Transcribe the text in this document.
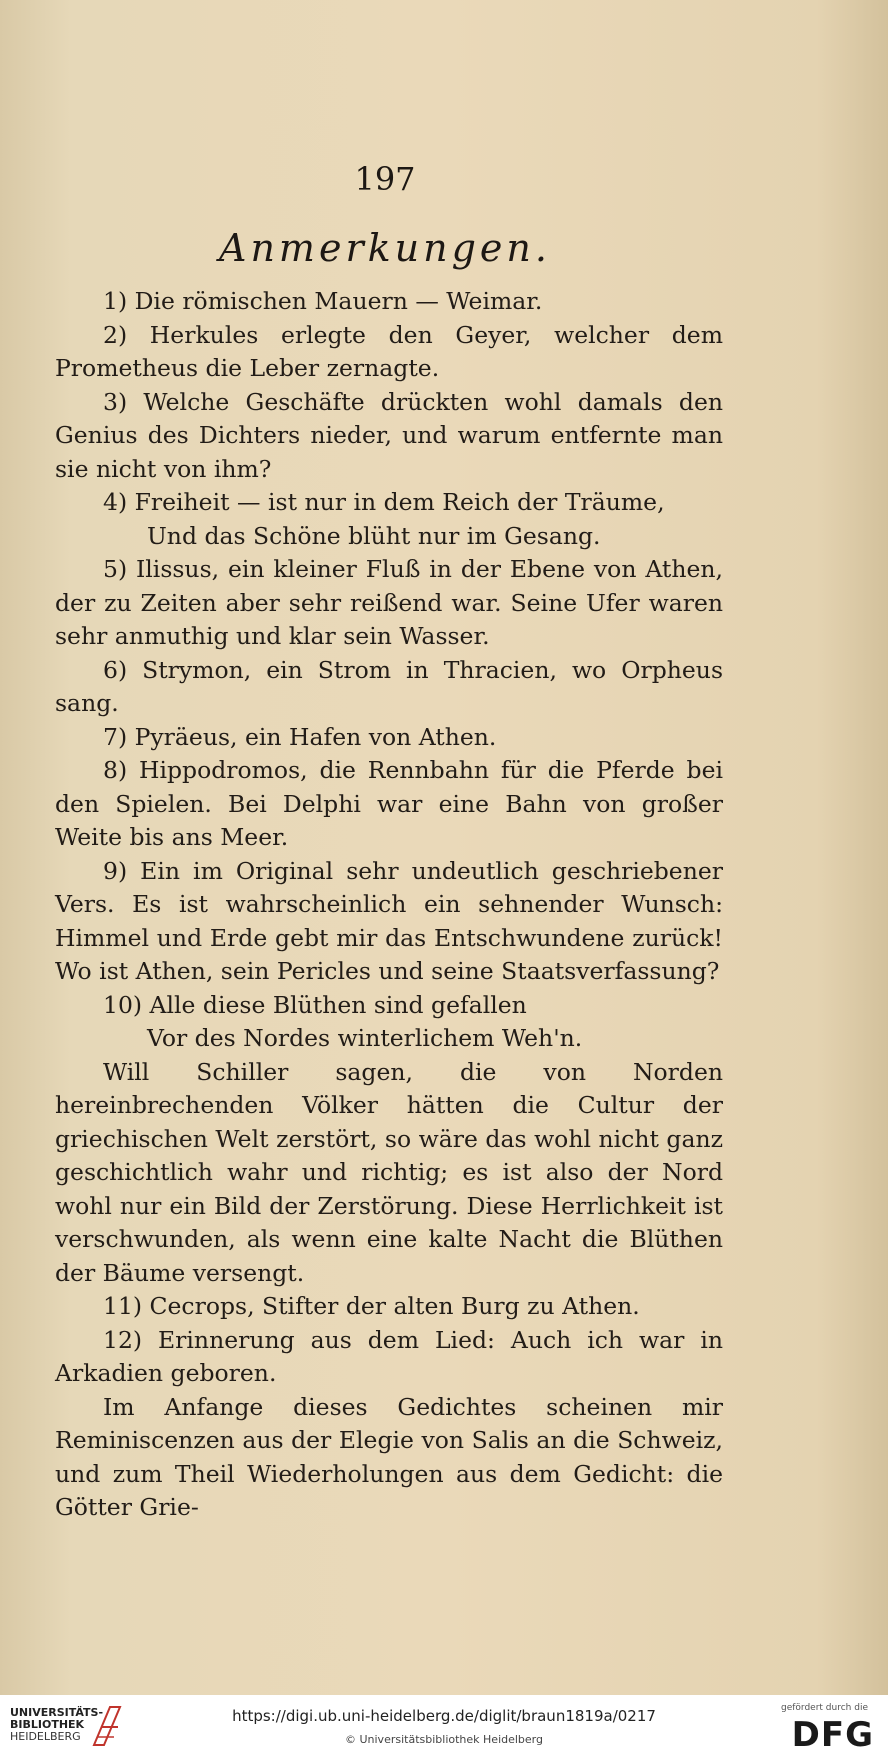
197
Anmerkungen.

1) Die römischen Mauern — Weimar.

2) Herkules erlegte den Geyer, welcher dem Prometheus die Leber zernagte.

3) Welche Geschäfte drückten wohl damals den Genius des Dichters nieder, und warum entfernte man sie nicht von ihm?

4) Freiheit — ist nur in dem Reich der Träume,

Und das Schöne blüht nur im Gesang.

5) Ilissus, ein kleiner Fluß in der Ebene von Athen, der zu Zeiten aber sehr reißend war. Seine Ufer waren sehr anmuthig und klar sein Wasser.

6) Strymon, ein Strom in Thracien, wo Orpheus sang.

7) Pyräeus, ein Hafen von Athen.

8) Hippodromos, die Rennbahn für die Pferde bei den Spielen. Bei Delphi war eine Bahn von großer Weite bis ans Meer.

9) Ein im Original sehr undeutlich geschriebener Vers. Es ist wahrscheinlich ein sehnender Wunsch: Himmel und Erde gebt mir das Entschwundene zurück! Wo ist Athen, sein Pericles und seine Staatsverfassung?

10) Alle diese Blüthen sind gefallen

Vor des Nordes winterlichem Weh'n.

Will Schiller sagen, die von Norden hereinbrechenden Völker hätten die Cultur der griechischen Welt zerstört, so wäre das wohl nicht ganz geschichtlich wahr und richtig; es ist also der Nord wohl nur ein Bild der Zerstörung. Diese Herrlichkeit ist verschwunden, als wenn eine kalte Nacht die Blüthen der Bäume versengt.

11) Cecrops, Stifter der alten Burg zu Athen.

12) Erinnerung aus dem Lied: Auch ich war in Arkadien geboren.

Im Anfange dieses Gedichtes scheinen mir Reminiscenzen aus der Elegie von Salis an die Schweiz, und zum Theil Wiederholungen aus dem Gedicht: die Götter Grie-

UNIVERSITÄTS-
BIBLIOTHEK
HEIDELBERG
https://digi.ub.uni-heidelberg.de/diglit/braun1819a/0217
© Universitätsbibliothek Heidelberg
gefördert durch die
DFG
